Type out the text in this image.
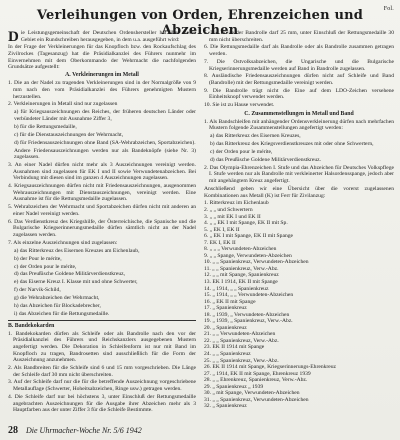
Fol.
Verleihungen von Orden, Ehrenzeichen und Abzeichen

Die Leistungsgemeinschaft der Deutschen Ordenshersteller hat über dieses Gebiet ein Rundschreiben herausgegeben, in dem u.a. ausgeführt wird:

In der Frage der Verkleinerungen für das Knopfloch bzw. den Rockaufschlag des Zivilrockes (Tagesanzug) hat die Präsidialkanzlei des Führers nunmehr im Einvernehmen mit dem Oberkommando der Wehrmacht die nachfolgenden Grundsätze aufgestellt:

A. Verkleinerungen im Metall

1. Die an der Nadel zu tragenden Verkleinerungen sind in der Normalgröße von 9 mm nach den vom Präsidialkanzlei des Führers genehmigten Mustern herzustellen.

2. Verkleinerungen in Metall sind nur zugelassen

a) für Kriegsauszeichnungen des Reiches, der früheren deutschen Länder oder verbündeter Länder mit Ausnahme Ziffer 3,

b) für die Rettungsmedaille,

c) für die Dienstauszeichnungen der Wehrmacht,

d) für Friedensauszeichnungen ohne Band (SA-Wehrabzeichen, Sportabzeichen).

Andere Friedensauszeichnungen werden nur als Bandeknöpfe (siehe Nr. 3) zugelassen.

3. An einer Nadel dürfen nicht mehr als 3 Auszeichnungen vereinigt werden. Ausnahmen sind zugelassen für EK I und II sowie Verwundetenabzeichen. Bei Verbindung mit diesen sind im ganzen 4 Auszeichnungen zugelassen.

4. Kriegsauszeichnungen dürfen nicht mit Friedensauszeichnungen, ausgenommen Wehrauszeichnungen mit Dienstauszeichnungen, vereinigt werden. Eine Ausnahme ist für die Rettungsmedaille zugelassen.

5. Wehrabzeichen der Wehrmacht und Sportabzeichen dürfen nicht mit anderen an einer Nadel vereinigt werden.

6. Das Verdienstkreuz des Kriegshilfe, der Österreichische, die Spanische und die Bulgarische Kriegserinnerungsmedaille dürfen sämtlich nicht an der Nadel zugelassen werden.

7. Als einzelne Auszeichnungen sind zugelassen:

a) das Ritterkreuz des Eisernen Kreuzes am Eichenlaub,

b) der Pour le mérite,

c) der Orden pour le mérite,

d) das Preußische Goldene Militärverdienstkreuz,

e) das Eiserne Kreuz I. Klasse mit und ohne Schwerter,

f) der Narvik-Schild,

g) die Wehrabzeichen der Wehrmacht,

h) das Abzeichen für Blockadebrecher,

i) das Abzeichen für die Rettungsmedaille.

B. Bandekokarden

1. Bandekokarden dürfen als Schleife oder als Bandrolle nach den vor der Präsidialkanzlei des Führers und Reichskanzlers ausgegebenen Mustern angefertigt werden. Die Dekoration in Schleifenform ist nur mit Band im Knopfloch zu tragen, Bandrosetten sind ausschließlich für die Form der Auszeichnung anzunehmen.

2. Als Bandbreiten für die Schleife sind 6 und 15 mm vorgeschrieben. Die Länge der Schleife darf 30 mm nicht überschreiten.

3. Auf der Schleife darf nur die für die betreffende Auszeichnung vorgeschriebene Metallauflage (Schwerter, Hoheitsabzeichen, Ringe usw.) getragen werden.

4. Die Schleife darf nur bei höchstens 3, unter Einschluß der Rettungsmedaille angebrachten Auszeichnungen für die Ausgabe ihrer Abzeichen mehr als 3 Hauptfarben aus der unter Ziffer 3 für die Schleife Bestimmte.

5. Die Breite der Bandrolle darf 25 mm, unter Einschluß der Rettungsmedaille 30 mm nicht überschreiten.

6. Die Rettungsmedaille darf als Bandrolle oder als Bandrolle zusammen getragen werden.

7. Die Ostvolksabzeichen, die Ungarische und die Bulgarische Kriegserinnerungsmedaille werden auf Band in Bandrolle zugelassen.

8. Ausländische Friedensauszeichnungen dürfen nicht auf Schleife und Band (Bandrolle) mit der Rettungsmedaille vereinigt werden.

9. Die Bandrolle trägt nicht die Eine auf dem LDO-Zeichen versehene Einheitsknopf verwendet werden.

10. Sie ist zu Hause verwendet.

C. Zusammenstellungen in Metall und Band

1. Als Bandschleifen mit anhängender Ordensverkleinerung dürfen nach mehrfachen Mustern folgende Zusammenstellungen angefertigt werden:

a) das Ritterkreuz des Eisernen Kreuzes,

b) das Ritterkreuz des Kriegsverdienstkreuzes mit oder ohne Schwertern,

c) der Orden pour le mérite,

d) das Preußische Goldene Militärverdienstkreuz.

2. Das Olympia-Ehrenzeichen I. Stufe und das Abzeichen für Deutsches Volkspflege I. Stufe werden nur als Bandrolle mit verkleinerter Halsordensspange, jedoch aber mit angehängtem Kreuz angefertigt.

Anschließend geben wir eine Übersicht über die vorerst zugelassenen Kombinationen aus Metall (K) ist Ferr für Zivilanzug:

1. Ritterkreuz im Eichenlaub

2. „ „ und Schwertern

3. „ „ mit EK I und EK II

4. „ „ EK I mit Spange, EK II mit Sp.

5. „ EK I, EK II

6. „ EK I mit Spange, EK II mit Spange

7. EK I, EK II

8. „ „ „ Verwundeten-Abzeichen

9. „ „ Spange, Verwundeten-Abzeichen

10. „ „ Spanienkreuz, Verwundeten-Abzeichen

11. „ „ Spanienkreuz, Verw.-Abz.

12. „ „ mit Spange, Spanienkreuz

13. EK I 1914, EK II mit Spange

14. „ 1914, „ „ Spanienkreuz

15. „ 1914, „ „ Verwundeten-Abzeichen

16. „ EK II mit Spange

17. „ Spanienkreuz

18. „ 1939, „ Verwundeten-Abzeichen

19. „ 1939, „ Spanienkreuz, Verw.-Abz.

20. „ Spanienkreuz

21. „ „ Verwundeten-Abzeichen

22. „ „ Spanienkreuz, Verw.-Abz.

23. EK II 1914 mit Spange

24. „ „ Spanienkreuz

25. „ „ Spanienkreuz, Verw.-Abz.

26. EK II 1914 mit Spange, Kriegserinnerungs-Ehrenkreuz

27. „ 1914, EK II mit Spange, Ehrenkreuz 1939

28. „ „ Ehrenkreuz, Spanienkreuz, Verw.-Abz.

29. „ Spanienkreuz „ 1939

30. „ mit Spange, Verwundeten-Abzeichen

31. „ „ Spanienkreuz, Verwundeten-Abzeichen

32. „ Spanienkreuz

28 Die Uhrmacher-Woche Nr. 5/6 1942
